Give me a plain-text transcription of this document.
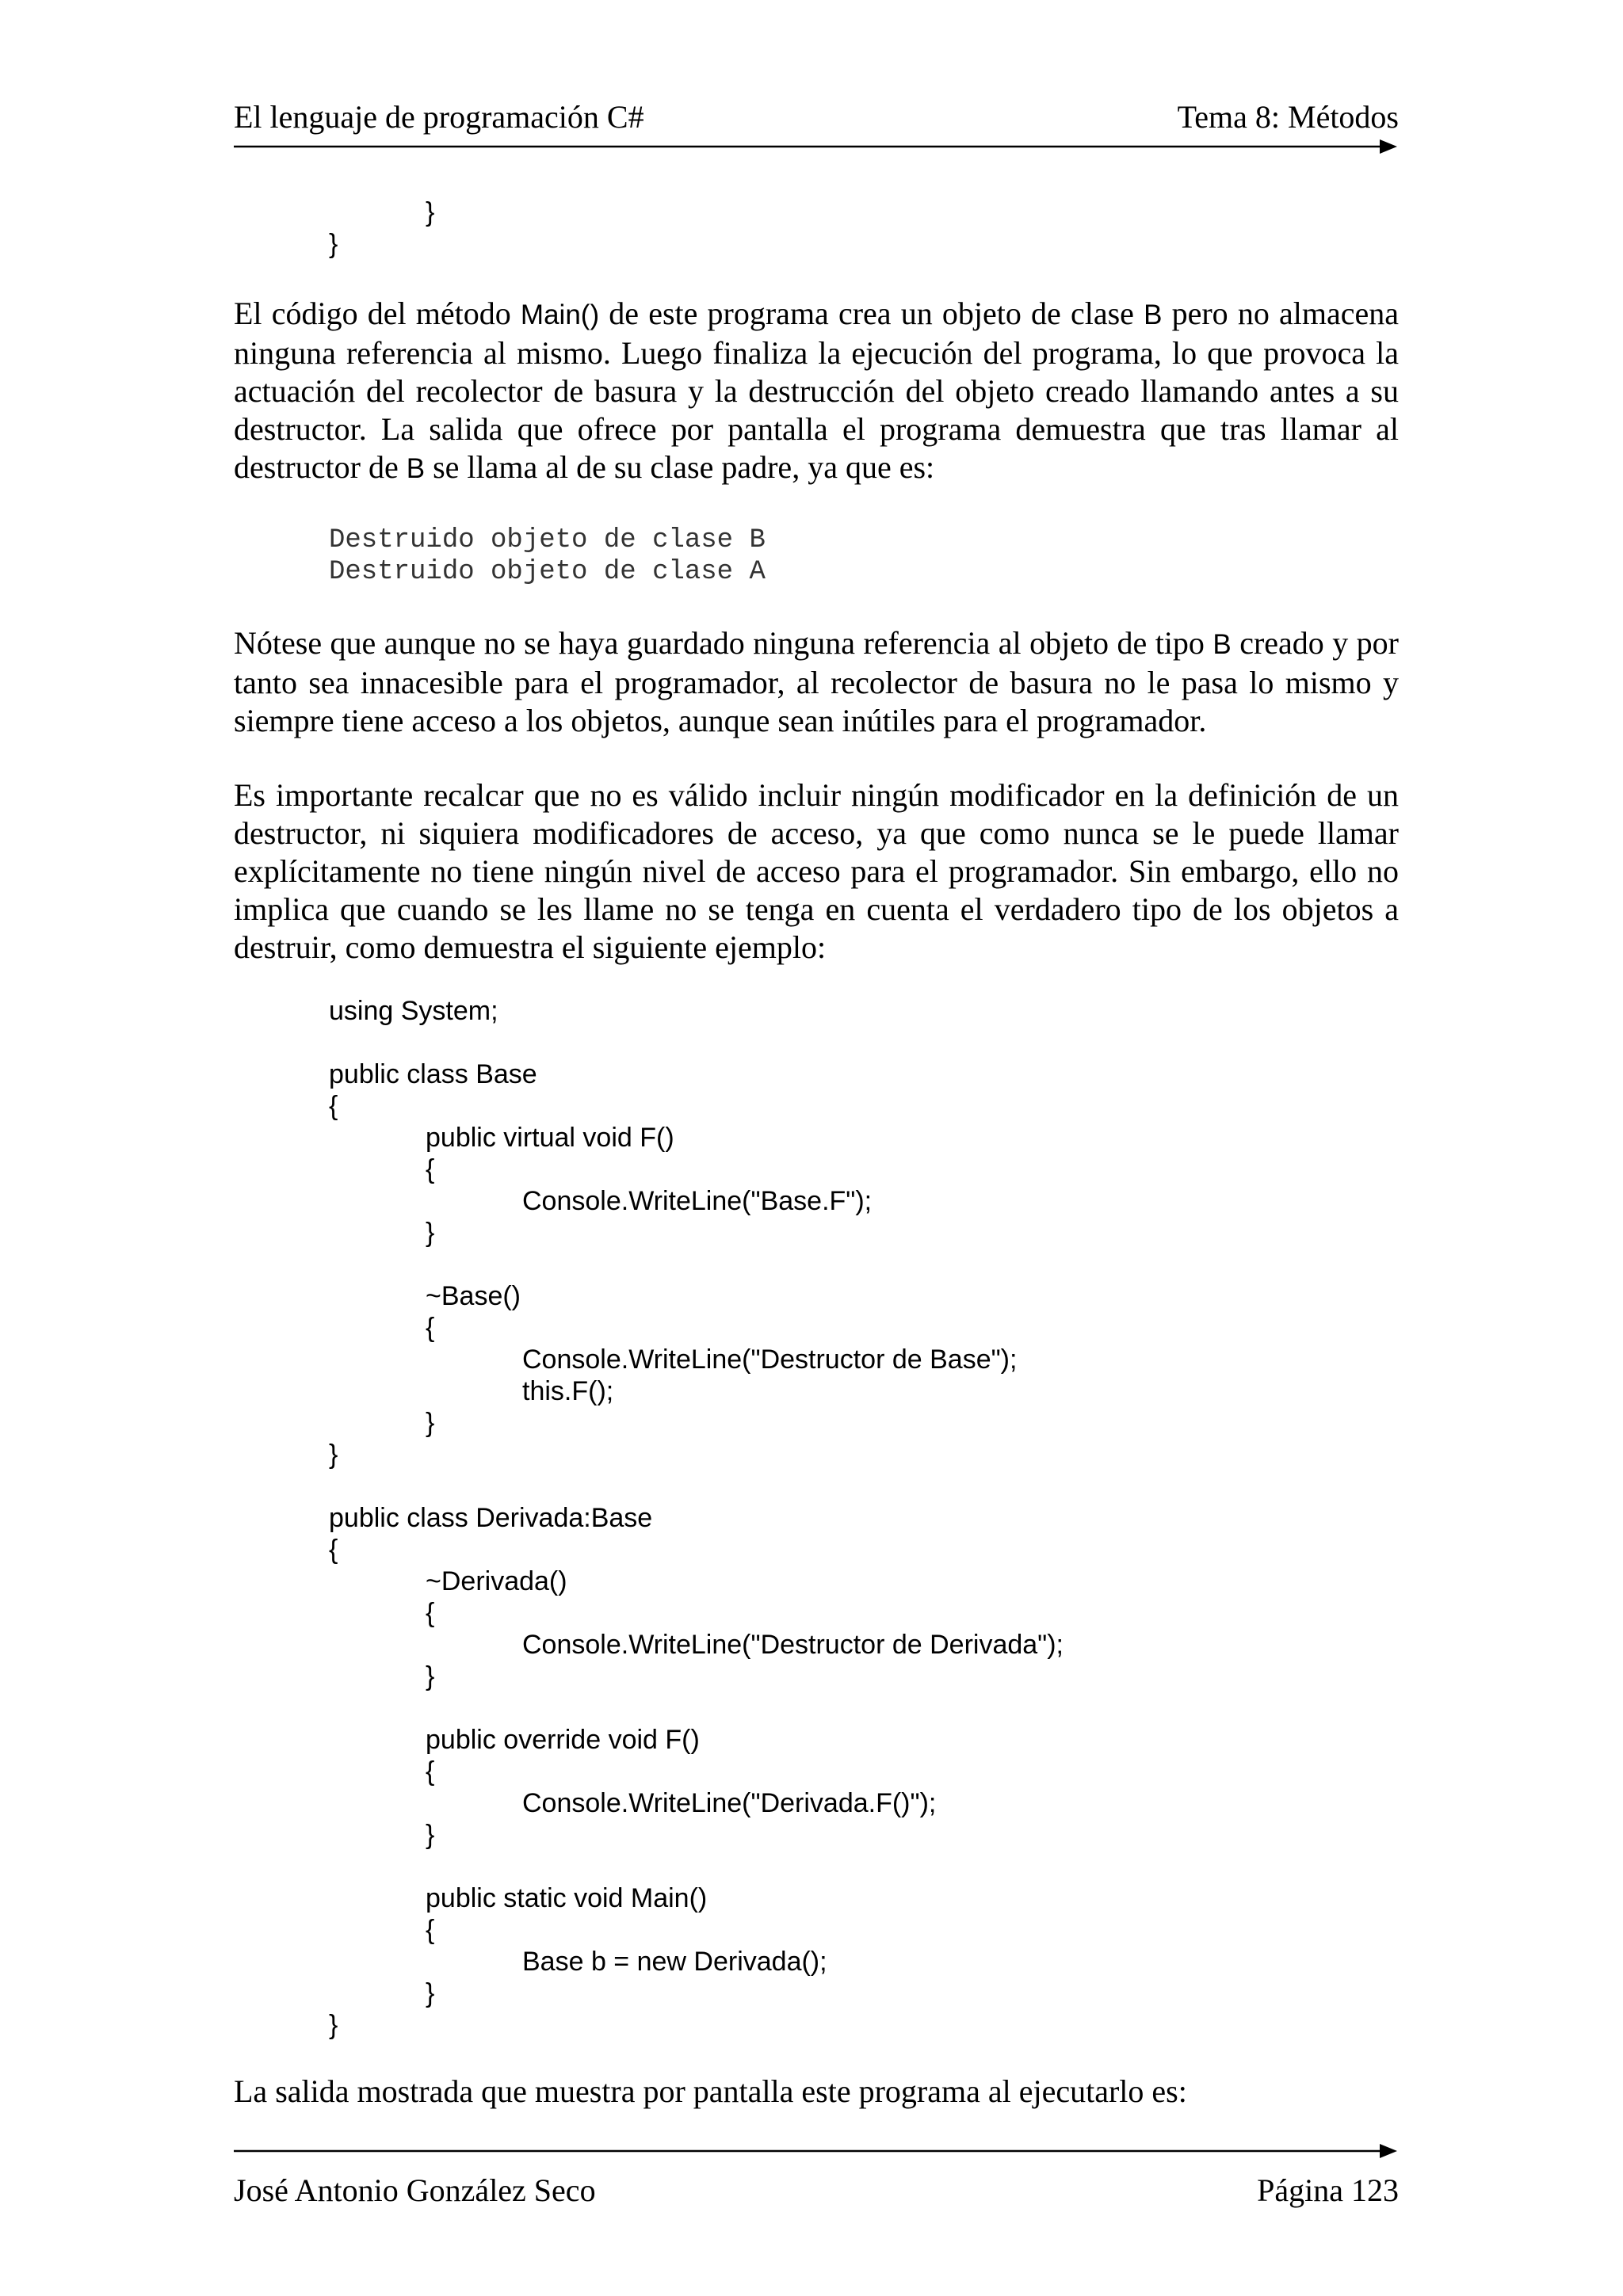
El lenguaje de programación C#	Tema 8: Métodos
}
}

El código del método Main() de este programa crea un objeto de clase B pero no almacena ninguna referencia al mismo. Luego finaliza la ejecución del programa, lo que provoca la actuación del recolector de basura y la destrucción del objeto creado llamando antes a su destructor. La salida que ofrece por pantalla el programa demuestra que tras llamar al destructor de B se llama al de su clase padre, ya que es:

Destruido objeto de clase B
Destruido objeto de clase A

Nótese que aunque no se haya guardado ninguna referencia al objeto de tipo B creado y por tanto sea innacesible para el programador, al recolector de basura no le pasa lo mismo y siempre tiene acceso a los objetos, aunque sean inútiles para el programador.

Es importante recalcar que no es válido incluir ningún modificador en la definición de un destructor, ni siquiera modificadores de acceso, ya que como nunca se le puede llamar explícitamente no tiene ningún nivel de acceso para el programador. Sin embargo, ello no implica que cuando se les llame no se tenga en cuenta el verdadero tipo de los objetos a destruir, como demuestra el siguiente ejemplo:

using System;
public class Base
{
public virtual void F()
{
Console.WriteLine("Base.F");
}
~Base()
{
Console.WriteLine("Destructor de Base");
this.F();
}
}
public class Derivada:Base
{
~Derivada()
{
Console.WriteLine("Destructor de Derivada");
}
public override void F()
{
Console.WriteLine("Derivada.F()");
}
public static void Main()
{
Base b = new Derivada();
}
}

La salida mostrada que muestra por pantalla este programa al ejecutarlo es:

José Antonio González Seco	Página 123
